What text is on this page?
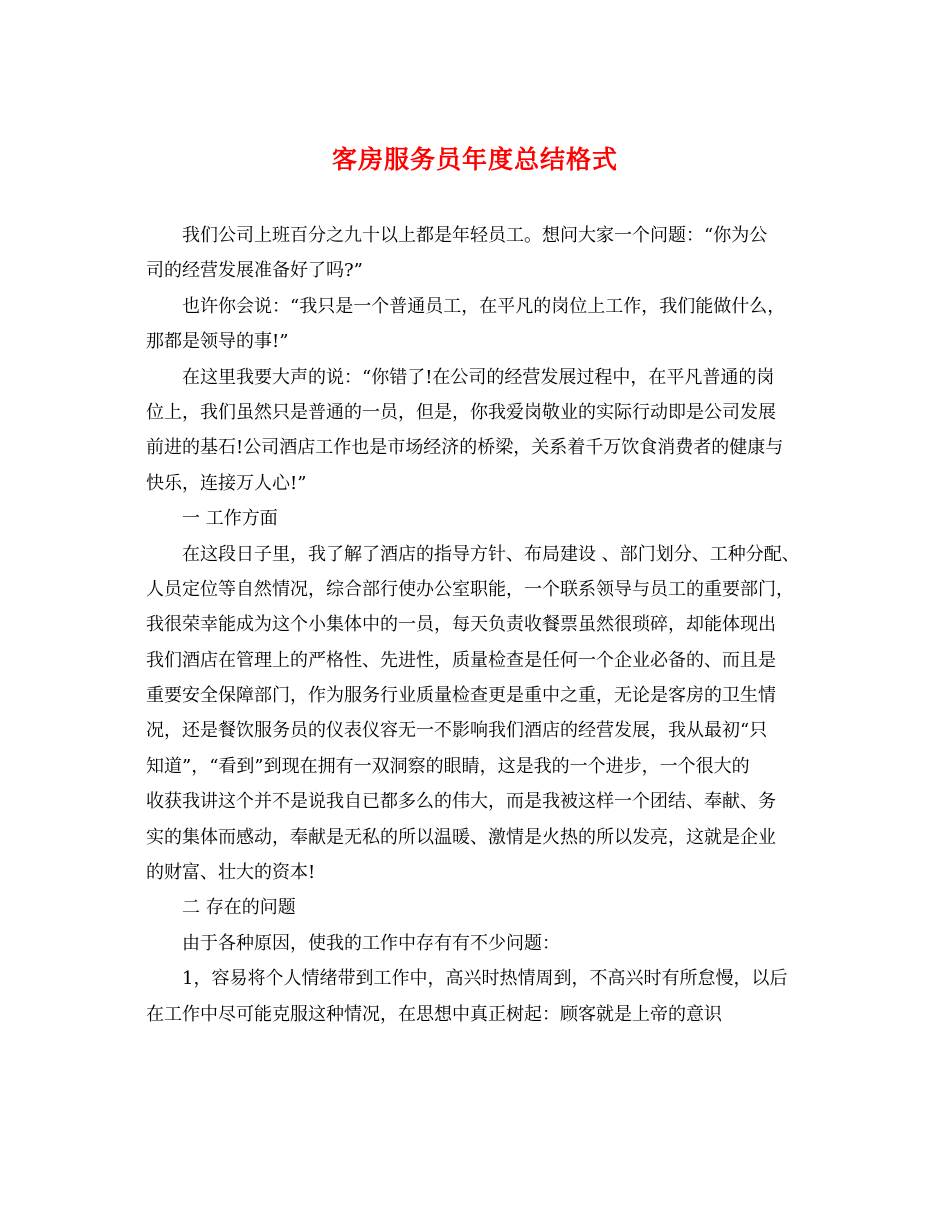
客房服务员年度总结格式
我们公司上班百分之九十以上都是年轻员工。想问大家一个问题：“你为公
司的经营发展准备好了吗?”
也许你会说：“我只是一个普通员工，在平凡的岗位上工作，我们能做什么，
那都是领导的事!”
在这里我要大声的说：“你错了!在公司的经营发展过程中，在平凡普通的岗
位上，我们虽然只是普通的一员，但是，你我爱岗敬业的实际行动即是公司发展
前进的基石!公司酒店工作也是市场经济的桥梁，关系着千万饮食消费者的健康与
快乐，连接万人心!”
一 工作方面
在这段日子里，我了解了酒店的指导方针、布局建设 、部门划分、工种分配、
人员定位等自然情况，综合部行使办公室职能，一个联系领导与员工的重要部门，
我很荣幸能成为这个小集体中的一员，每天负责收餐票虽然很琐碎，却能体现出
我们酒店在管理上的严格性、先进性，质量检查是任何一个企业必备的、而且是
重要安全保障部门，作为服务行业质量检查更是重中之重，无论是客房的卫生情
况，还是餐饮服务员的仪表仪容无一不影响我们酒店的经营发展，我从最初“只
知道”，“看到”到现在拥有一双洞察的眼睛，这是我的一个进步，一个很大的
收获我讲这个并不是说我自已都多么的伟大，而是我被这样一个团结、奉献、务
实的集体而感动，奉献是无私的所以温暖、激情是火热的所以发亮，这就是企业
的财富、壮大的资本!
二 存在的问题
由于各种原因，使我的工作中存有有不少问题：
1，容易将个人情绪带到工作中，高兴时热情周到，不高兴时有所怠慢，以后
在工作中尽可能克服这种情况，在思想中真正树起：顾客就是上帝的意识
